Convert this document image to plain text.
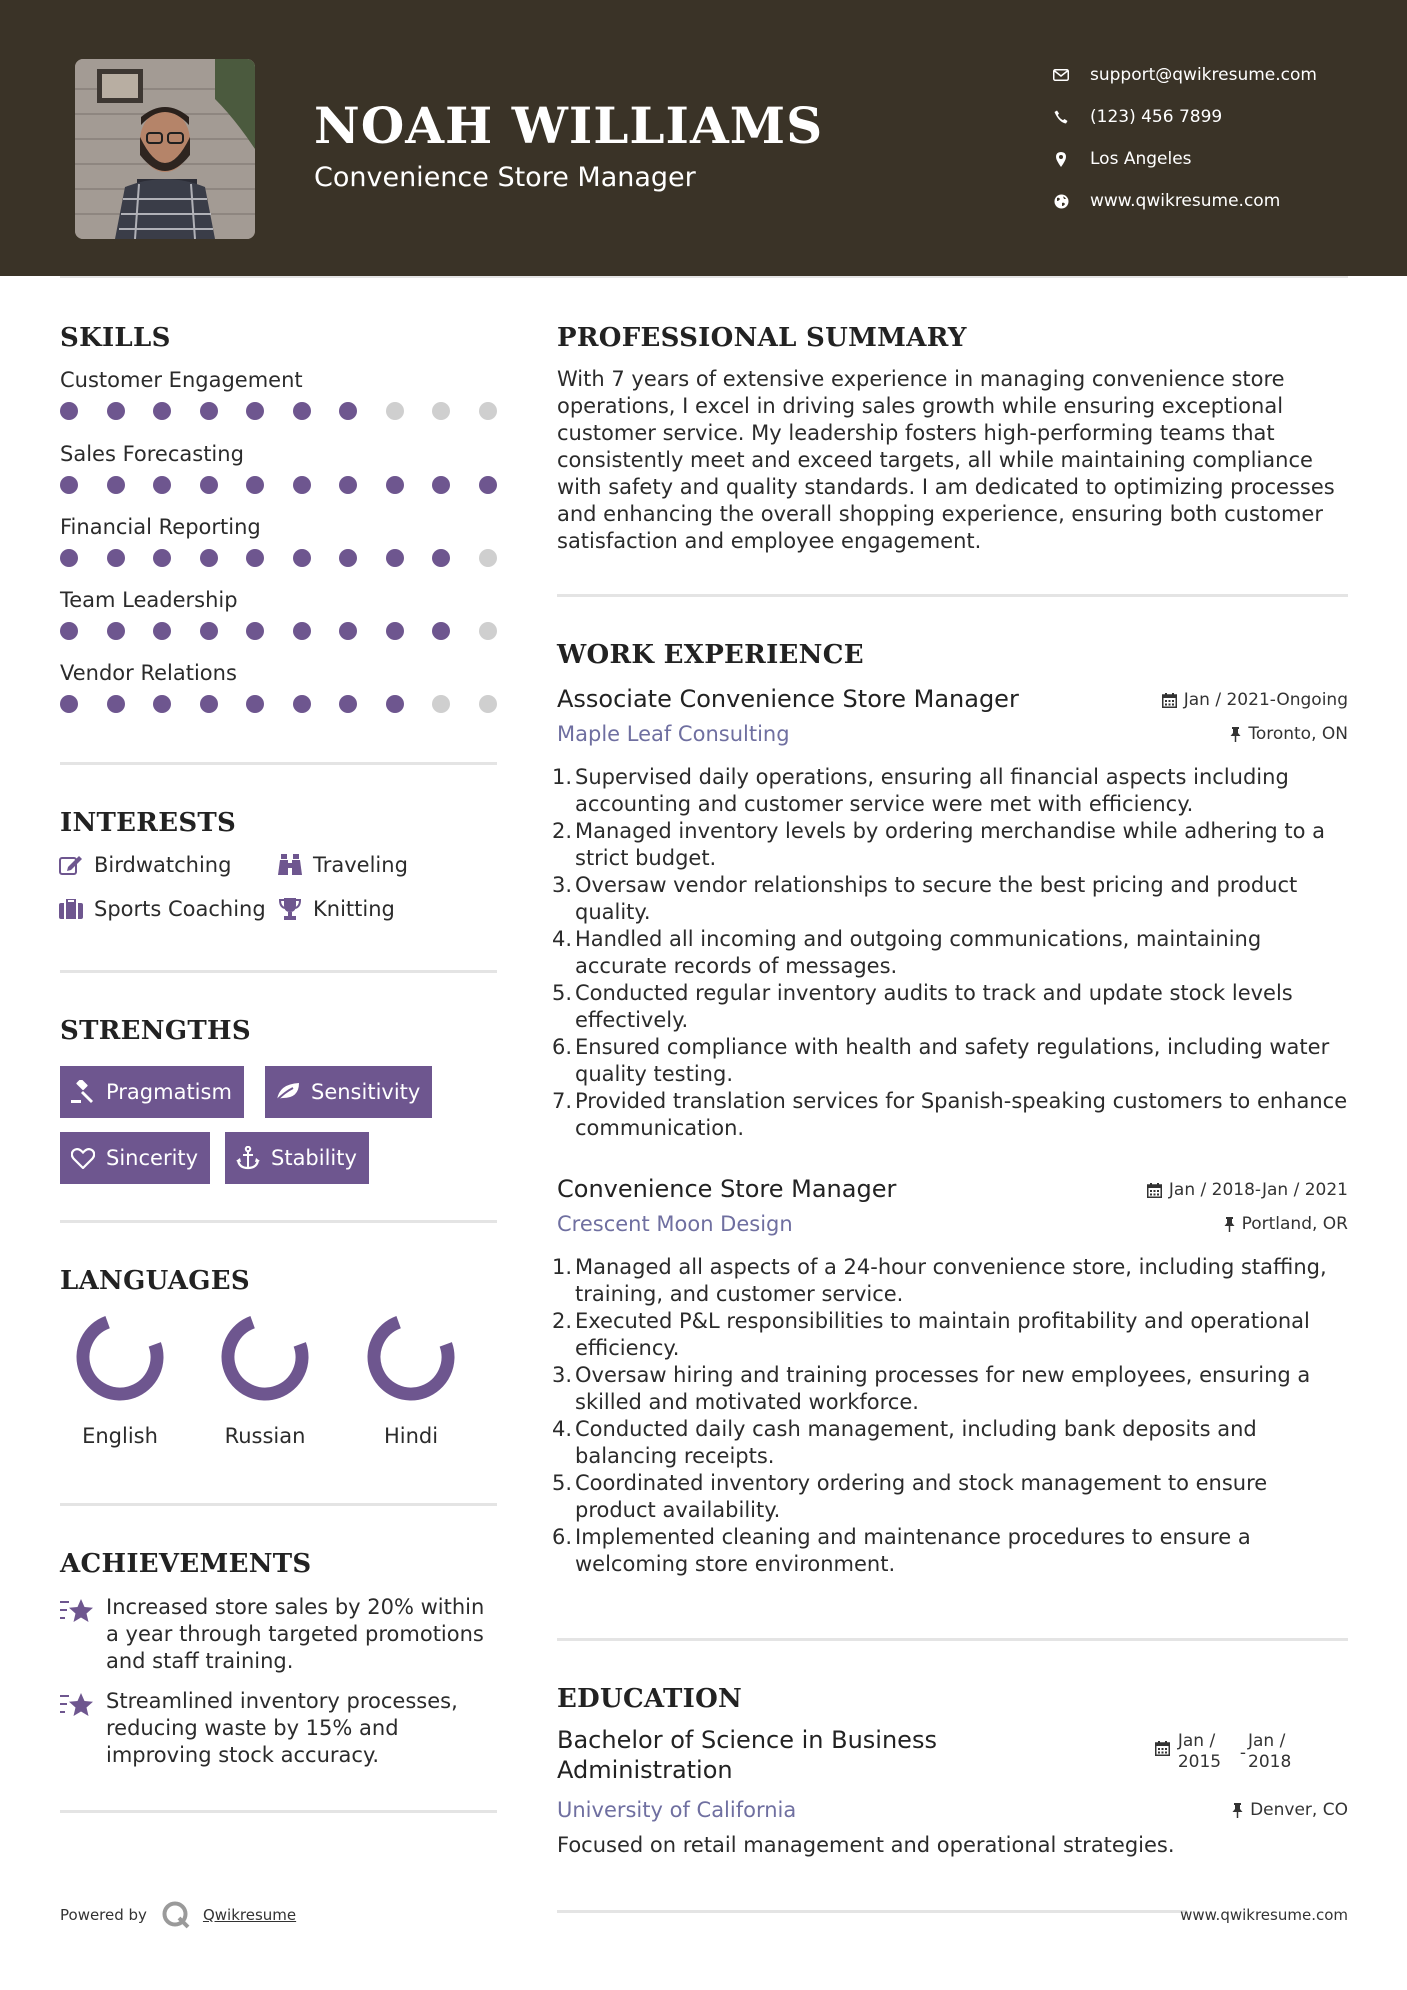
NOAH WILLIAMS
Convenience Store Manager
support@qwikresume.com
(123) 456 7899
Los Angeles
www.qwikresume.com
SKILLS
Customer Engagement
Sales Forecasting
Financial Reporting
Team Leadership
Vendor Relations
INTERESTS
Birdwatching	Traveling
Sports Coaching Knitting
STRENGTHS
Pragmatism	Sensitivity
Sincerity	Stability
LANGUAGES
English	Russian	Hindi
ACHIEVEMENTS
Increased store sales by 20% within a year through targeted promotions and staff training.
Streamlined inventory processes, reducing waste by 15% and improving stock accuracy.
Powered by	Qwikresume
PROFESSIONAL SUMMARY
With 7 years of extensive experience in managing convenience store operations, I excel in driving sales growth while ensuring exceptional customer service. My leadership fosters high-performing teams that consistently meet and exceed targets, all while maintaining compliance with safety and quality standards. I am dedicated to optimizing processes and enhancing the overall shopping experience, ensuring both customer satisfaction and employee engagement.
WORK EXPERIENCE
Associate Convenience Store Manager	Jan / 2021-Ongoing
Maple Leaf Consulting	Toronto, ON
1. Supervised daily operations, ensuring all financial aspects including accounting and customer service were met with efficiency.
2. Managed inventory levels by ordering merchandise while adhering to a strict budget.
3. Oversaw vendor relationships to secure the best pricing and product quality.
4. Handled all incoming and outgoing communications, maintaining accurate records of messages.
5. Conducted regular inventory audits to track and update stock levels effectively.
6. Ensured compliance with health and safety regulations, including water quality testing.
7. Provided translation services for Spanish-speaking customers to enhance communication.
Convenience Store Manager	Jan / 2018-Jan / 2021
Crescent Moon Design	Portland, OR
1. Managed all aspects of a 24-hour convenience store, including staffing, training, and customer service.
2. Executed P&L responsibilities to maintain profitability and operational efficiency.
3. Oversaw hiring and training processes for new employees, ensuring a skilled and motivated workforce.
4. Conducted daily cash management, including bank deposits and balancing receipts.
5. Coordinated inventory ordering and stock management to ensure product availability.
6. Implemented cleaning and maintenance procedures to ensure a welcoming store environment.
EDUCATION
Bachelor of Science in Business Administration
Jan / 2015	-
Jan / 2018
University of California	Denver, CO
Focused on retail management and operational strategies.
www.qwikresume.com
